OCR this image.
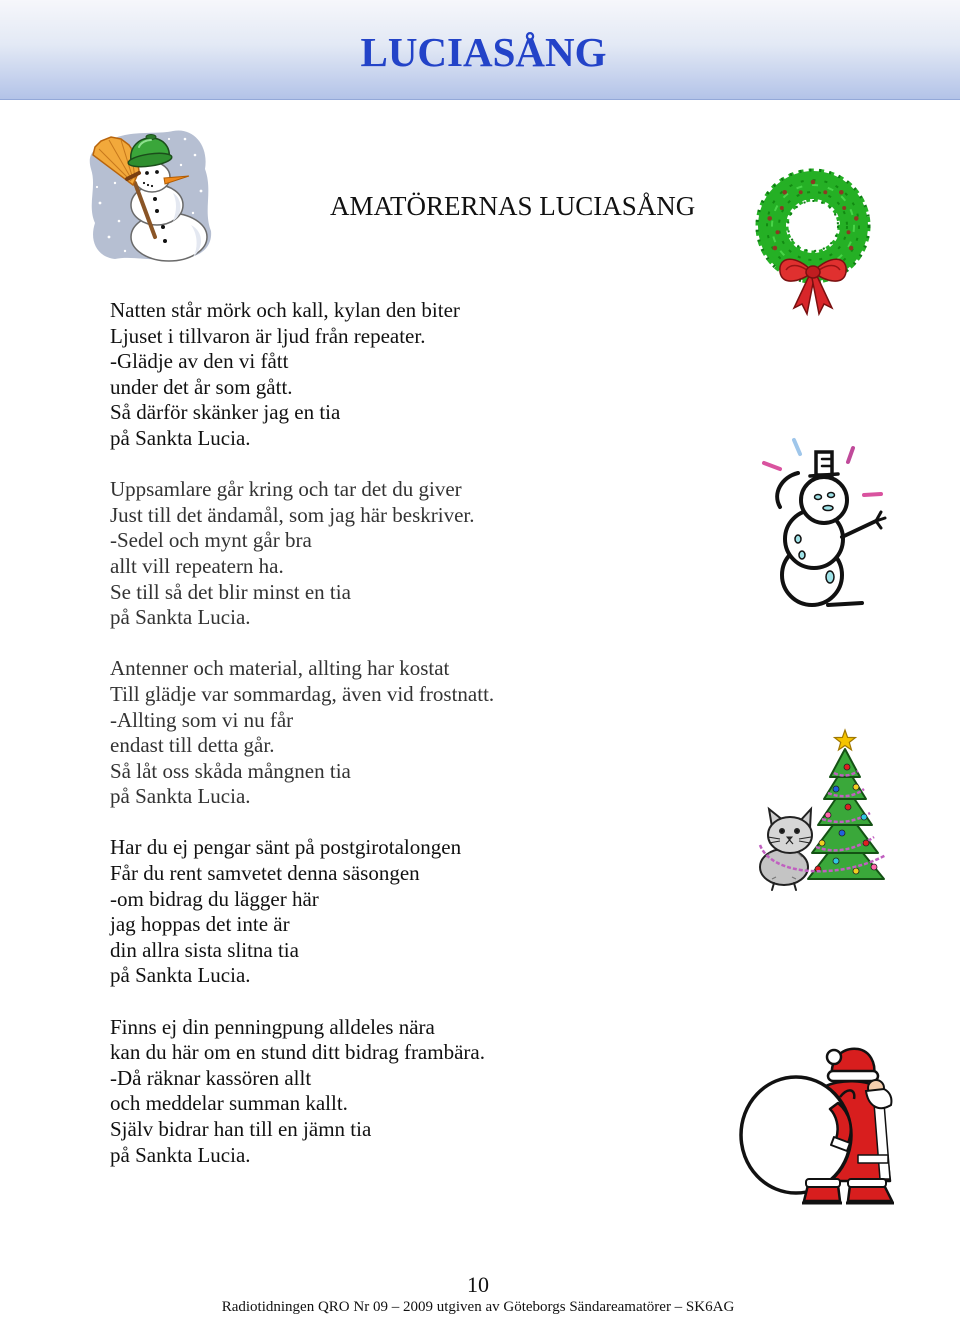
LUCIASÅNG
AMATÖRERNAS LUCIASÅNG
Natten står mörk och kall, kylan den biter
Ljuset i tillvaron är ljud från repeater.
-Glädje av den vi fått
under det år som gått.
Så därför skänker jag en tia
på Sankta Lucia.
Uppsamlare går kring och tar det du giver
Just till det ändamål, som jag här beskriver.
-Sedel och mynt går bra
allt vill repeatern ha.
Se till så det blir minst en tia
på Sankta Lucia.
Antenner och material, allting har kostat
Till glädje var sommardag, även vid frostnatt.
-Allting som vi nu får
endast till detta går.
Så låt oss skåda mångnen tia
på Sankta Lucia.
Har du ej pengar sänt på postgirotalongen
Får du rent samvetet denna säsongen
-om bidrag du lägger här
jag hoppas det inte är
din allra sista slitna tia
på Sankta Lucia.
Finns ej din penningpung alldeles nära
kan du här om en stund ditt bidrag frambära.
-Då räknar kassören allt
och meddelar summan kallt.
Själv bidrar han till en jämn tia
på Sankta Lucia.
10
Radiotidningen QRO Nr 09 – 2009 utgiven av Göteborgs Sändareamatörer – SK6AG
